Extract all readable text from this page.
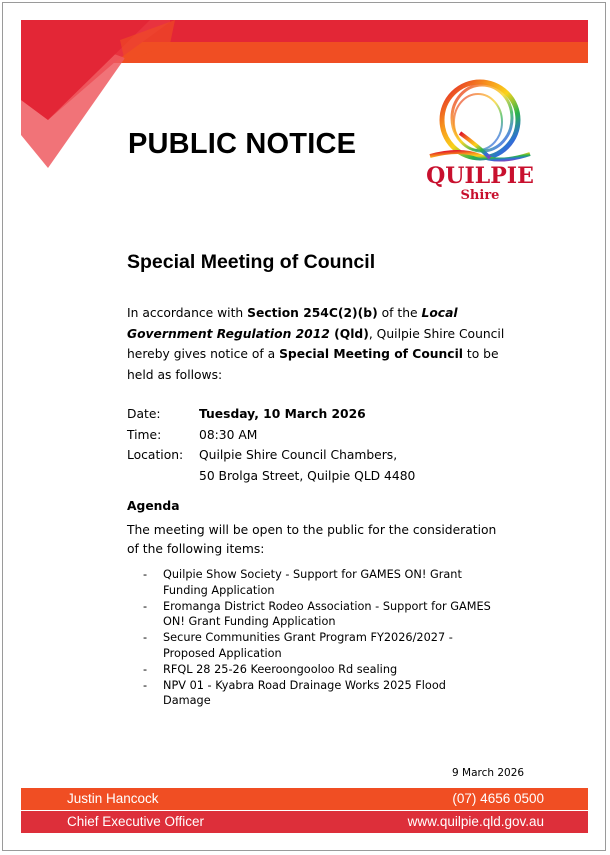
PUBLIC NOTICE
QUILPIE
Shire
Special Meeting of Council
In accordance with Section 254C(2)(b) of the Local Government Regulation 2012 (Qld), Quilpie Shire Council hereby gives notice of a Special Meeting of Council to be held as follows:
Date:	Tuesday, 10 March 2026
Time:	08:30 AM
Location: Quilpie Shire Council Chambers,
50 Brolga Street, Quilpie QLD 4480
Agenda
The meeting will be open to the public for the consideration of the following items:
- Quilpie Show Society - Support for GAMES ON! Grant Funding Application
- Eromanga District Rodeo Association - Support for GAMES ON! Grant Funding Application
- Secure Communities Grant Program FY2026/2027 - Proposed Application
- RFQL 28 25-26 Keeroongooloo Rd sealing
- NPV 01 - Kyabra Road Drainage Works 2025 Flood Damage
9 March 2026
Justin Hancock	(07) 4656 0500
Chief Executive Officer	www.quilpie.qld.gov.au
